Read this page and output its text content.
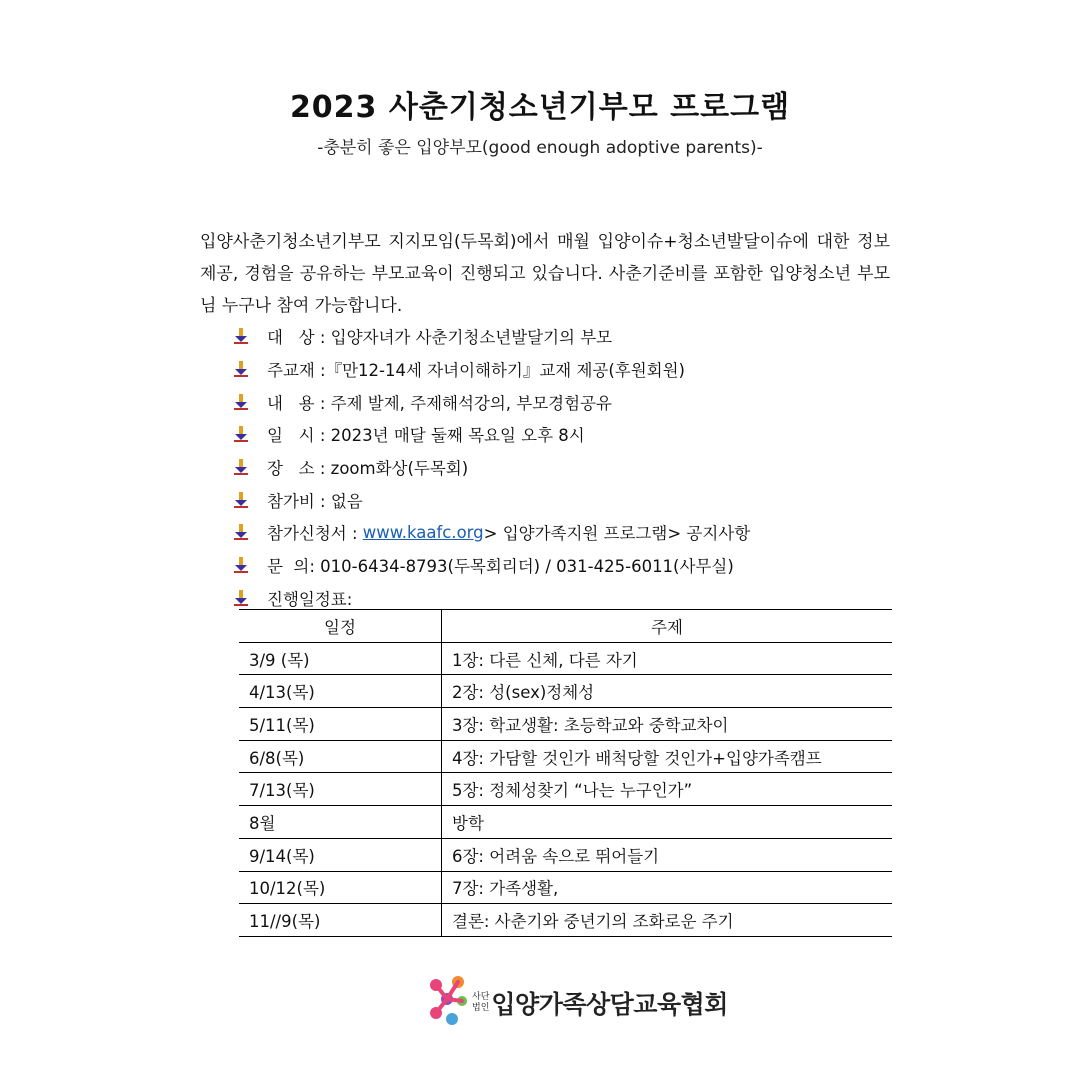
2023 사춘기청소년기부모 프로그램
-충분히 좋은 입양부모(good enough adoptive parents)-

입양사춘기청소년기부모 지지모임(두목회)에서 매월 입양이슈+청소년발달이슈에 대한 정보제공, 경험을 공유하는 부모교육이 진행되고 있습니다. 사춘기준비를 포함한 입양청소년 부모님 누구나 참여 가능합니다.

대   상 : 입양자녀가 사춘기청소년발달기의 부모
주교재 :『만12-14세 자녀이해하기』교재 제공(후원회원)
내   용 : 주제 발제, 주제해석강의, 부모경험공유
일   시 : 2023년 매달 둘째 목요일 오후 8시
장   소 : zoom화상(두목회)
참가비 : 없음
참가신청서 : www.kaafc.org > 입양가족지원 프로그램> 공지사항
문  의: 010-6434-8793(두목회리더) / 031-425-6011(사무실)
진행일정표:
일정	주제
3/9 (목)	1장: 다른 신체, 다른 자기
4/13(목)	2장: 성(sex)정체성
5/11(목)	3장: 학교생활: 초등학교와 중학교차이
6/8(목)	4장: 가담할 것인가 배척당할 것인가+입양가족캠프
7/13(목)	5장: 정체성찾기 “나는 누구인가”
8월	방학
9/14(목)	6장: 어려움 속으로 뛰어들기
10/12(목)	7장: 가족생활,
11//9(목)	결론: 사춘기와 중년기의 조화로운 주기
사단
법인 입양가족상담교육협회
